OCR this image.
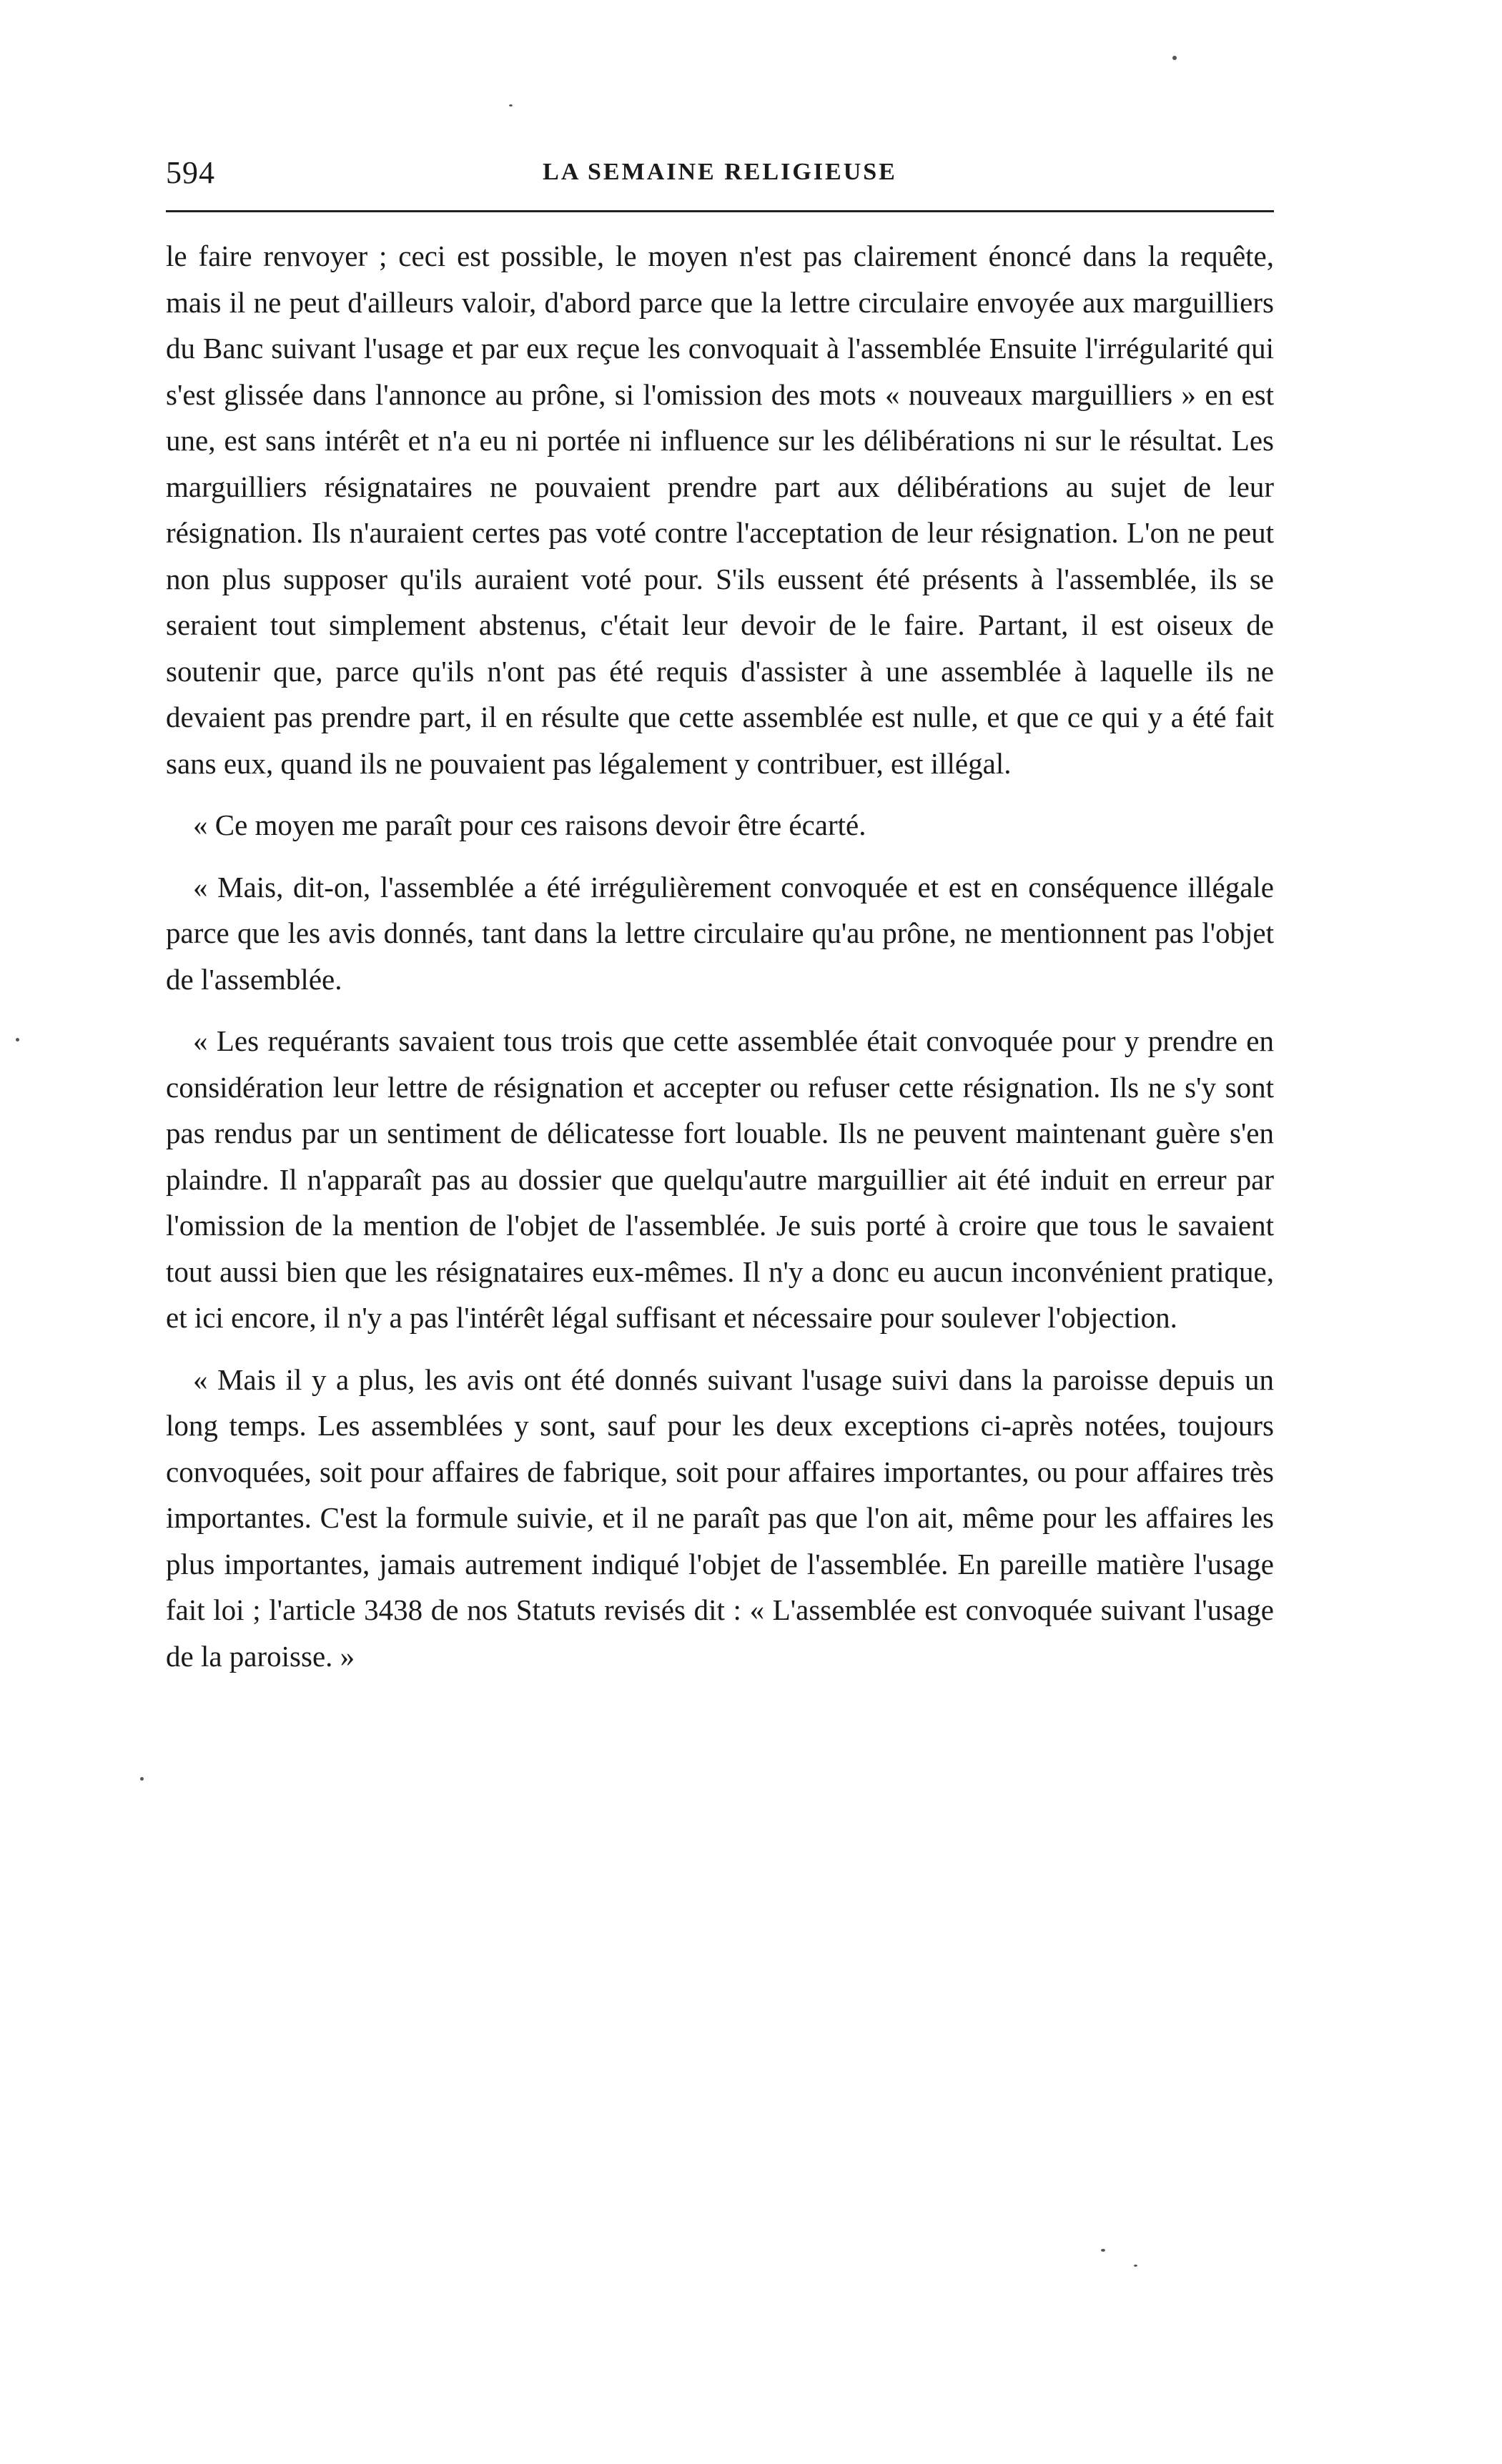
594	LA SEMAINE RELIGIEUSE

le faire renvoyer ; ceci est possible, le moyen n'est pas clairement énoncé dans la requête, mais il ne peut d'ailleurs valoir, d'abord parce que la lettre circulaire envoyée aux marguilliers du Banc suivant l'usage et par eux reçue les convoquait à l'assemblée Ensuite l'irrégularité qui s'est glissée dans l'annonce au prône, si l'omission des mots « nouveaux marguilliers » en est une, est sans intérêt et n'a eu ni portée ni influence sur les délibérations ni sur le résultat. Les marguilliers résignataires ne pouvaient prendre part aux délibérations au sujet de leur résignation. Ils n'auraient certes pas voté contre l'acceptation de leur résignation. L'on ne peut non plus supposer qu'ils auraient voté pour. S'ils eussent été présents à l'assemblée, ils se seraient tout simplement abstenus, c'était leur devoir de le faire. Partant, il est oiseux de soutenir que, parce qu'ils n'ont pas été requis d'assister à une assemblée à laquelle ils ne devaient pas prendre part, il en résulte que cette assemblée est nulle, et que ce qui y a été fait sans eux, quand ils ne pouvaient pas légalement y contribuer, est illégal.

« Ce moyen me paraît pour ces raisons devoir être écarté.

« Mais, dit-on, l'assemblée a été irrégulièrement convoquée et est en conséquence illégale parce que les avis donnés, tant dans la lettre circulaire qu'au prône, ne mentionnent pas l'objet de l'assemblée.

« Les requérants savaient tous trois que cette assemblée était convoquée pour y prendre en considération leur lettre de résignation et accepter ou refuser cette résignation. Ils ne s'y sont pas rendus par un sentiment de délicatesse fort louable. Ils ne peuvent maintenant guère s'en plaindre. Il n'apparaît pas au dossier que quelqu'autre marguillier ait été induit en erreur par l'omission de la mention de l'objet de l'assemblée. Je suis porté à croire que tous le savaient tout aussi bien que les résignataires eux-mêmes. Il n'y a donc eu aucun inconvénient pratique, et ici encore, il n'y a pas l'intérêt légal suffisant et nécessaire pour soulever l'objection.

« Mais il y a plus, les avis ont été donnés suivant l'usage suivi dans la paroisse depuis un long temps. Les assemblées y sont, sauf pour les deux exceptions ci-après notées, toujours convoquées, soit pour affaires de fabrique, soit pour affaires importantes, ou pour affaires très importantes. C'est la formule suivie, et il ne paraît pas que l'on ait, même pour les affaires les plus importantes, jamais autrement indiqué l'objet de l'assemblée. En pareille matière l'usage fait loi ; l'article 3438 de nos Statuts revisés dit : « L'assemblée est convoquée suivant l'usage de la paroisse. »
